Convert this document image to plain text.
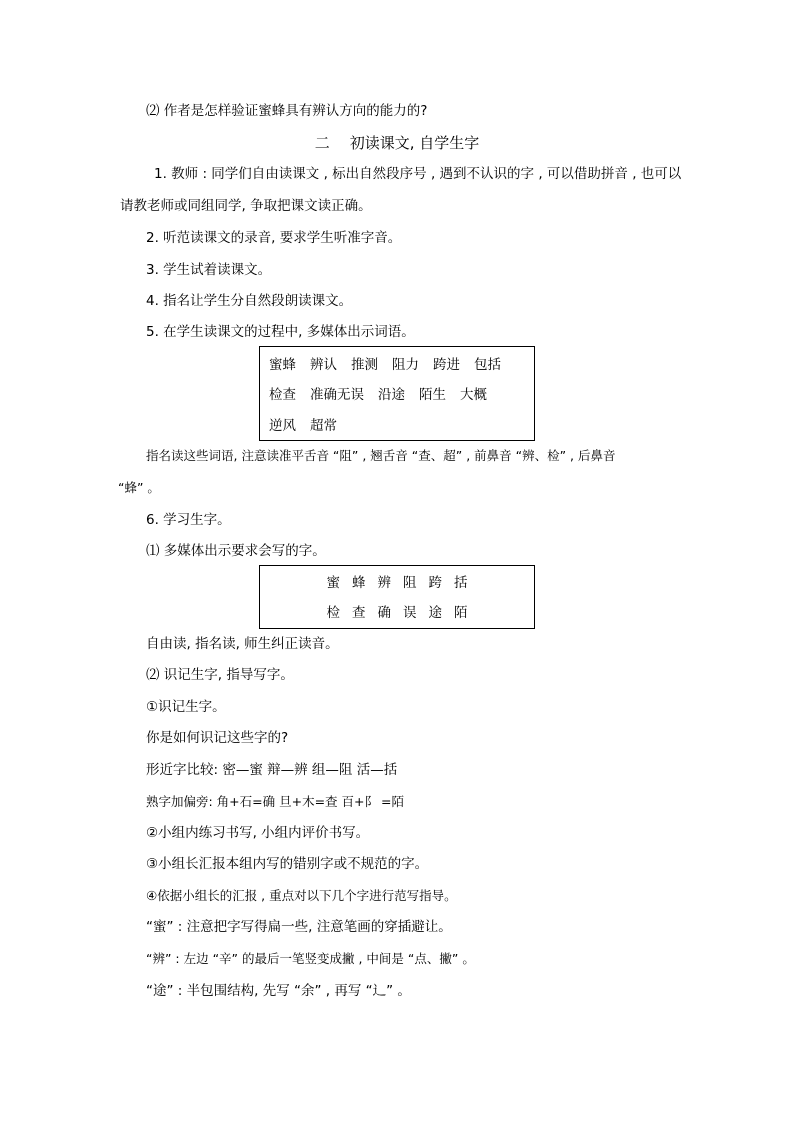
⑵ 作者是怎样验证蜜蜂具有辨认方向的能力的?
二 初读课文, 自学生字
1. 教师 : 同学们自由读课文 , 标出自然段序号 , 遇到不认识的字 , 可以借助拼音 , 也可以
请教老师或同组同学, 争取把课文读正确。
2. 听范读课文的录音, 要求学生听准字音。
3. 学生试着读课文。
4. 指名让学生分自然段朗读课文。
5. 在学生读课文的过程中, 多媒体出示词语。
蜜蜂 辨认 推测 阻力 跨进 包括
检查 准确无误 沿途 陌生 大概
逆风 超常
指名读这些词语, 注意读准平舌音 “阻” , 翘舌音 “查、超” , 前鼻音 “辨、检” , 后鼻音
“蜂” 。
6. 学习生字。
⑴ 多媒体出示要求会写的字。
蜜 蜂 辨 阻 跨 括
检 查 确 误 途 陌
自由读, 指名读, 师生纠正读音。
⑵ 识记生字, 指导写字。
①识记生字。
你是如何识记这些字的?
形近字比较: 密—蜜 辩—辨 组—阻 活—括
熟字加偏旁: 角+石=确 旦+木=查 百+阝 =陌
②小组内练习书写, 小组内评价书写。
③小组长汇报本组内写的错别字或不规范的字。
④依据小组长的汇报 , 重点对以下几个字进行范写指导。
“蜜” : 注意把字写得扁一些, 注意笔画的穿插避让。
“辨” : 左边 “辛” 的最后一笔竖变成撇 , 中间是 “点、撇” 。
“途” : 半包围结构, 先写 “余” , 再写 “辶” 。
